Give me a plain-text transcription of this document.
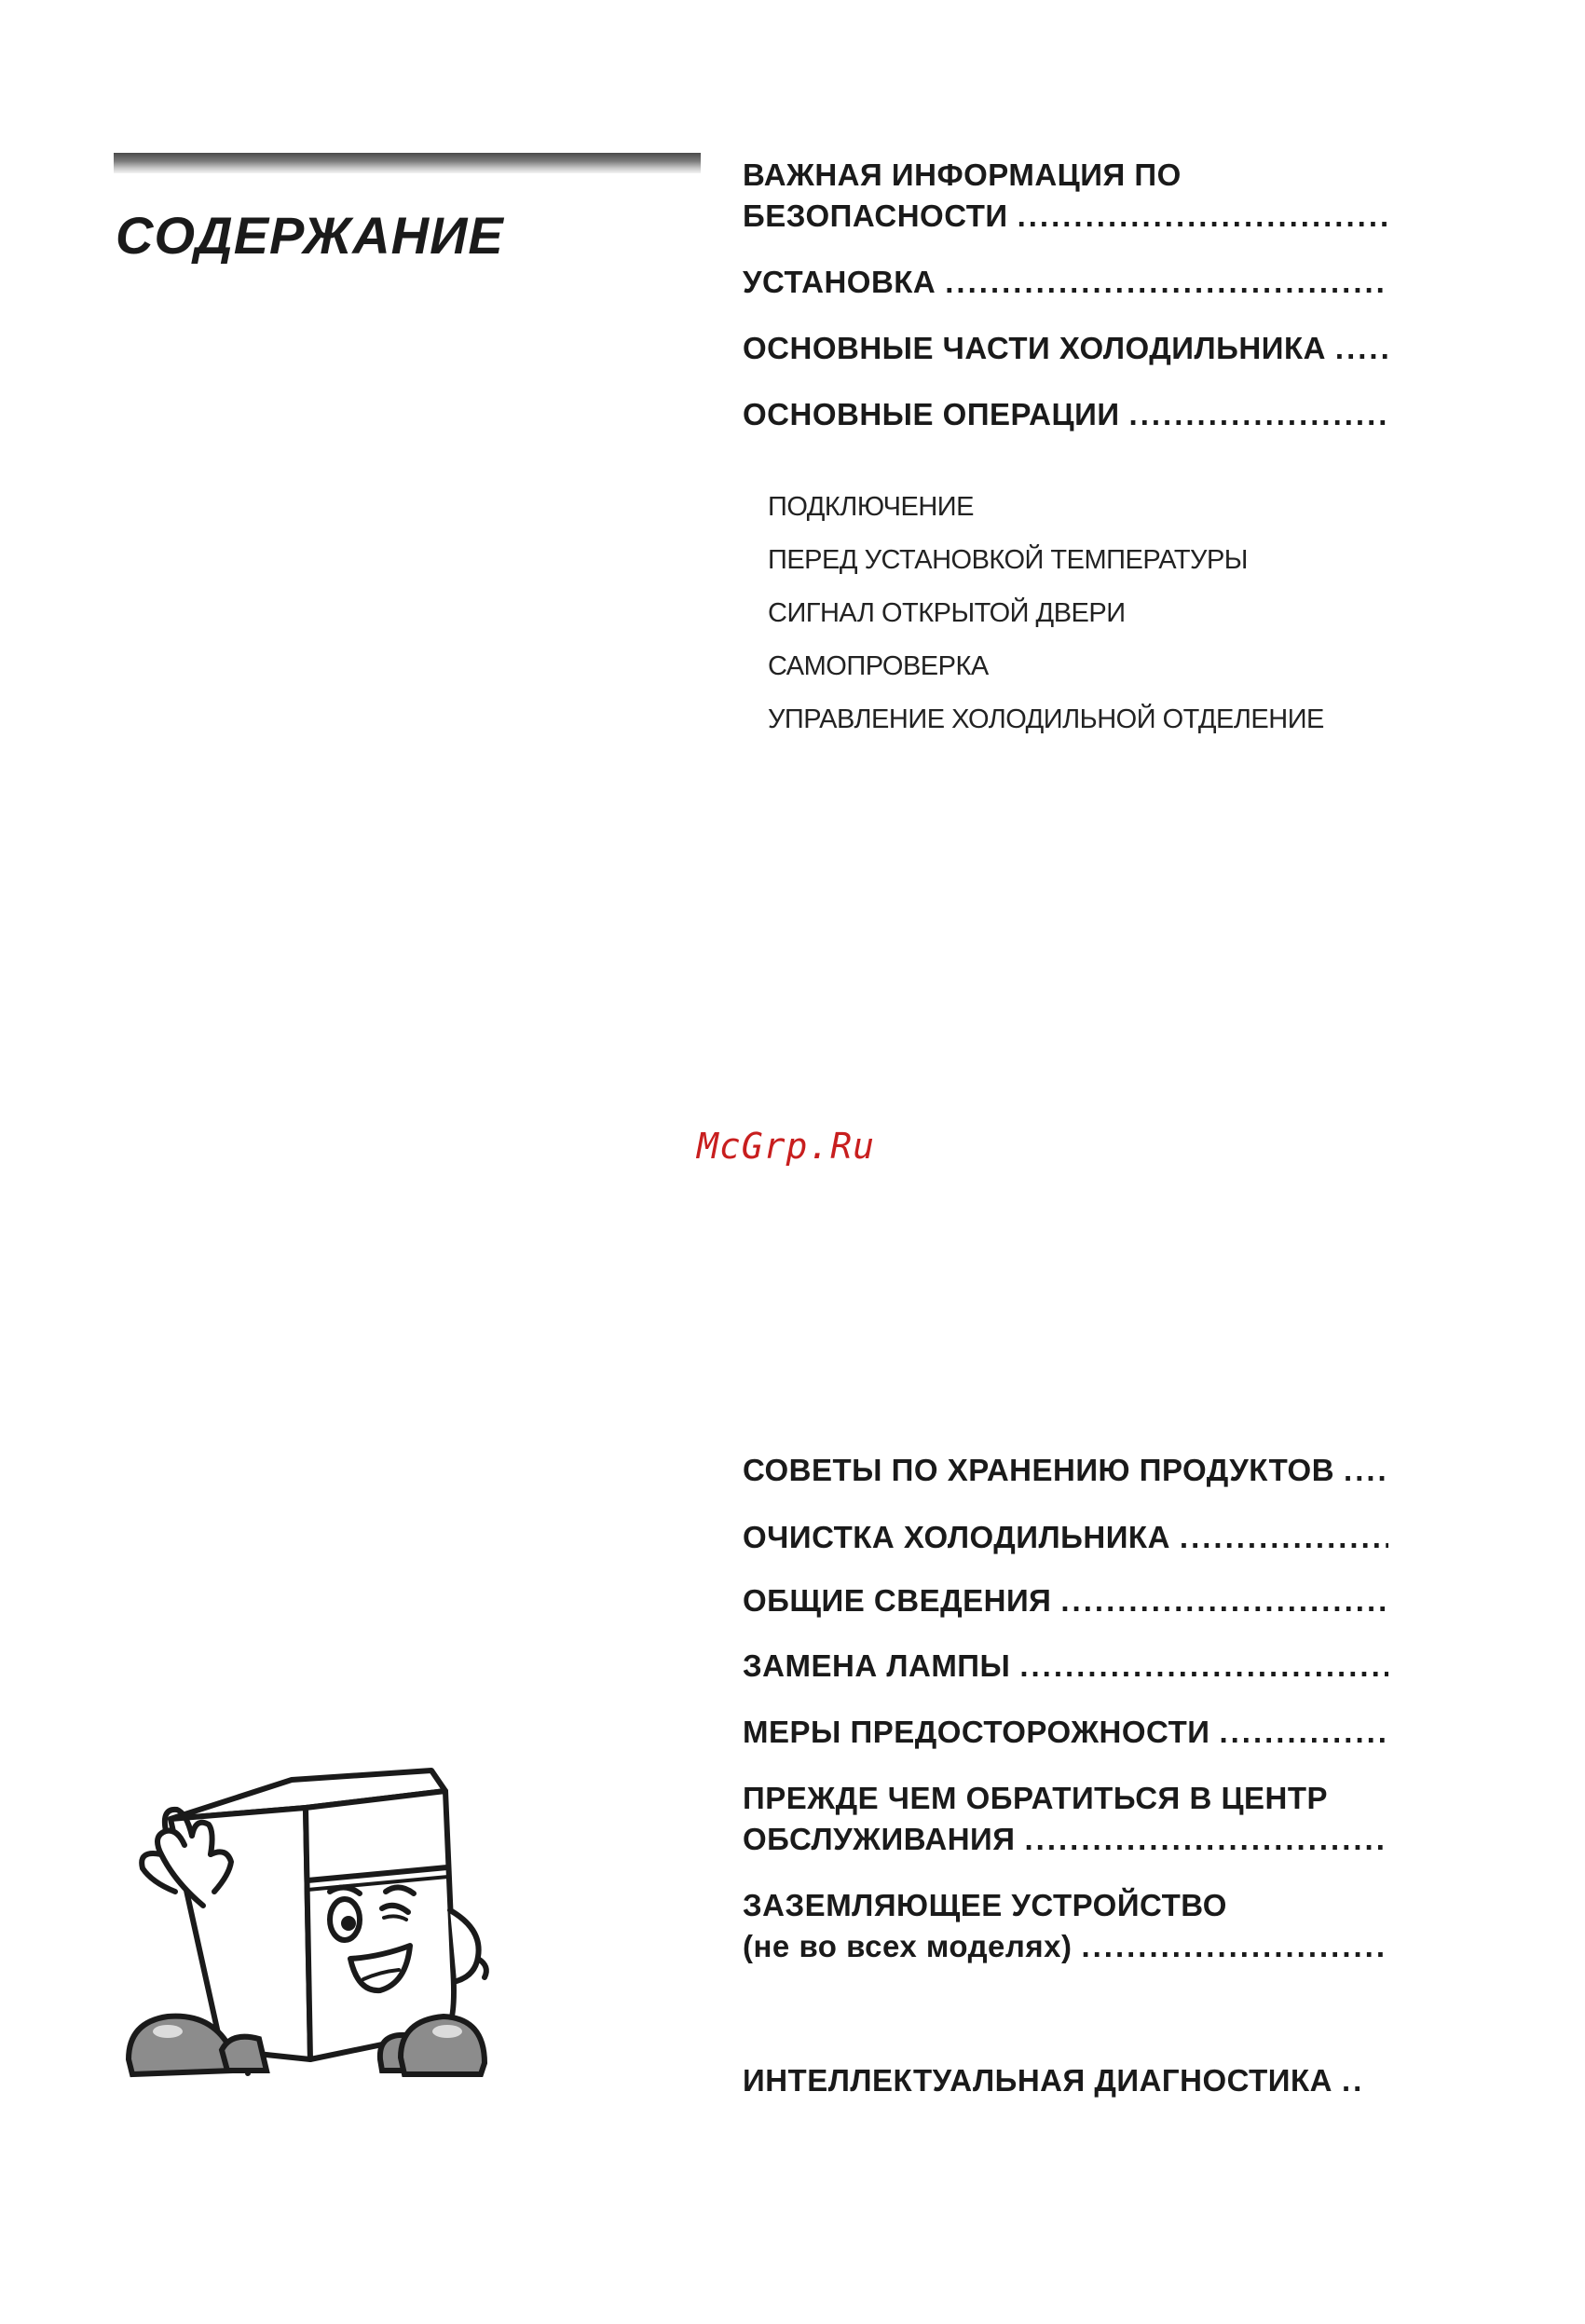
СОДЕРЖАНИЕ
ВАЖНАЯ ИНФОРМАЦИЯ ПО
БЕЗОПАСНОСТИ
.....
УСТАНОВКА
.....
ОСНОВНЫЕ ЧАСТИ ХОЛОДИЛЬНИКА
.....
ОСНОВНЫЕ ОПЕРАЦИИ
.....
ПОДКЛЮЧЕНИЕ
ПЕРЕД УСТАНОВКОЙ ТЕМПЕРАТУРЫ
СИГНАЛ ОТКРЫТОЙ ДВЕРИ
САМОПРОВЕРКА
УПРАВЛЕНИЕ ХОЛОДИЛЬНОЙ ОТДЕЛЕНИЕ
McGrp.Ru
СОВЕТЫ ПО ХРАНЕНИЮ ПРОДУКТОВ
.....
ОЧИСТКА ХОЛОДИЛЬНИКА
.....
ОБЩИЕ СВЕДЕНИЯ
.....
ЗАМЕНА ЛАМПЫ
.....
МЕРЫ ПРЕДОСТОРОЖНОСТИ
.....
ПРЕЖДЕ ЧЕМ ОБРАТИТЬСЯ В ЦЕНТР
ОБСЛУЖИВАНИЯ
.....
ЗАЗЕМЛЯЮЩЕЕ УСТРОЙСТВО
(не во всех моделях)
.....
ИНТЕЛЛЕКТУАЛЬНАЯ ДИАГНОСТИКА
.....
